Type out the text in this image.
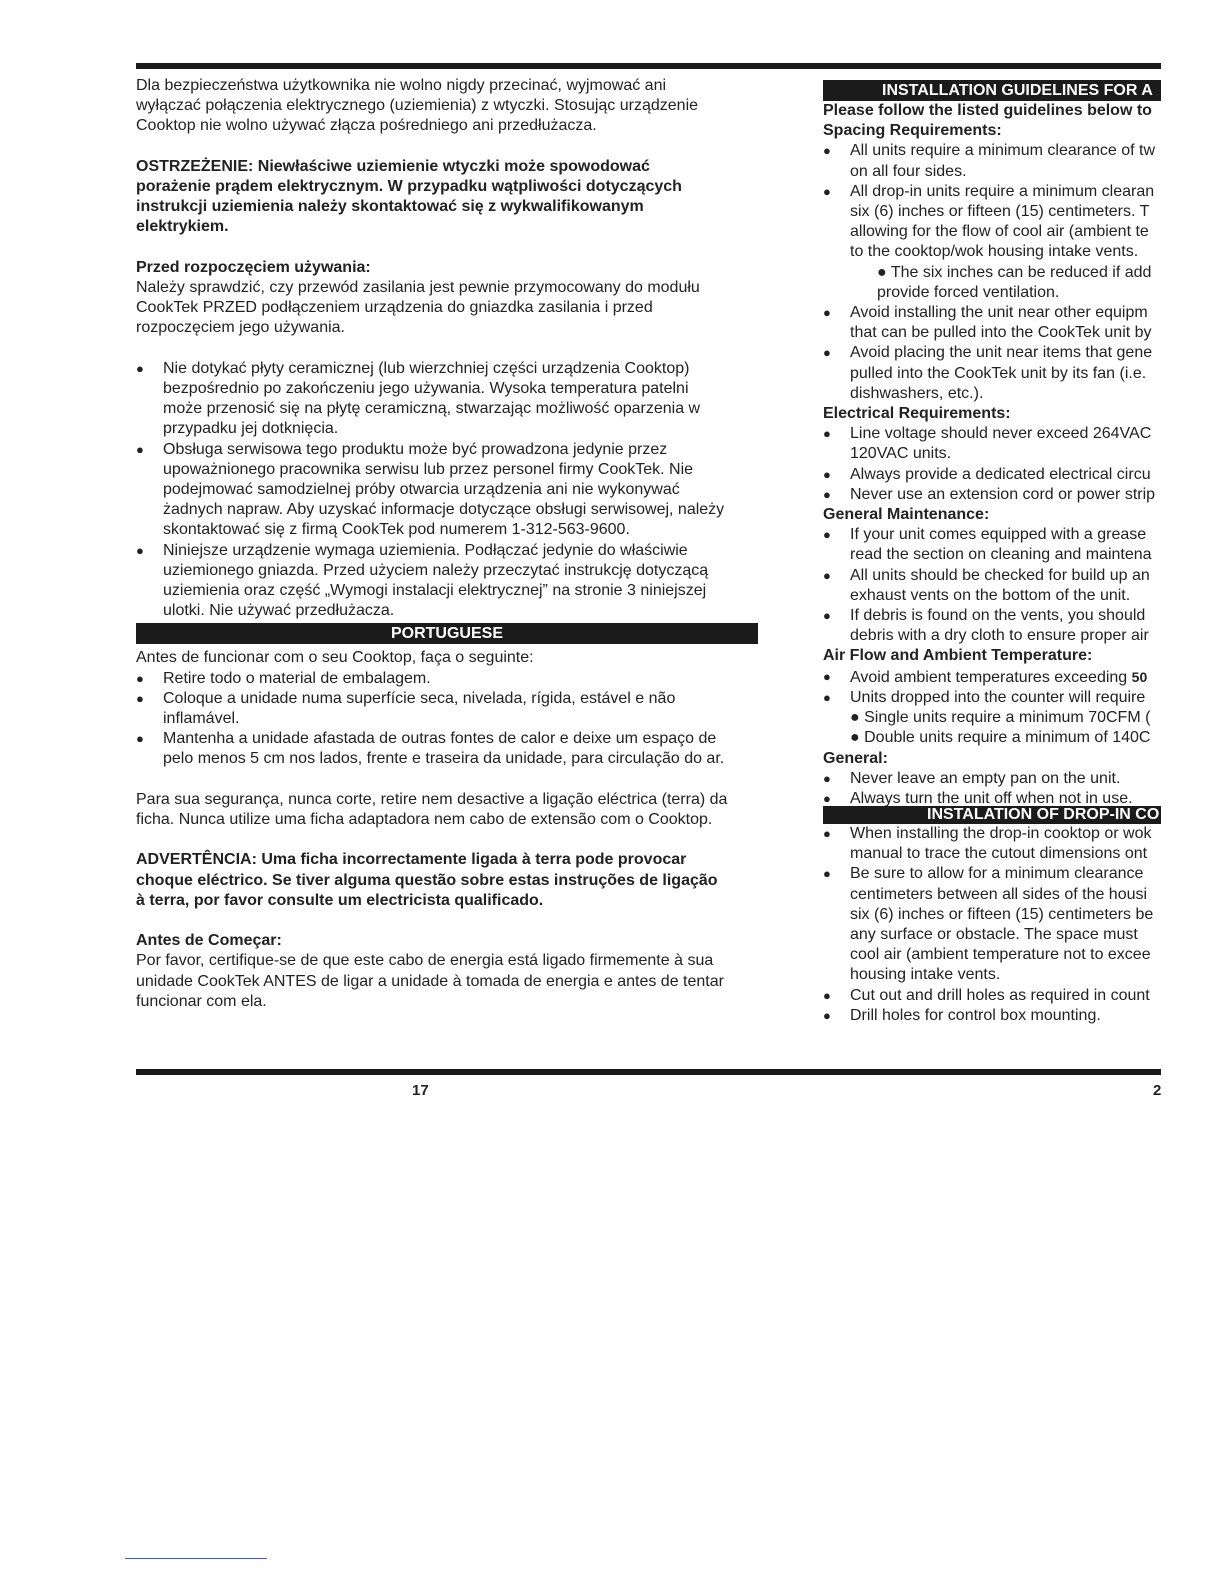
Dla bezpieczeństwa użytkownika nie wolno nigdy przecinać, wyjmować ani
wyłączać połączenia elektrycznego (uziemienia) z wtyczki. Stosując urządzenie
Cooktop nie wolno używać złącza pośredniego ani przedłużacza.

OSTRZEŻENIE: Niewłaściwe uziemienie wtyczki może spowodować
porażenie prądem elektrycznym. W przypadku wątpliwości dotyczących
instrukcji uziemienia należy skontaktować się z wykwalifikowanym
elektrykiem.

Przed rozpoczęciem używania:

Należy sprawdzić, czy przewód zasilania jest pewnie przymocowany do modułu
CookTek PRZED podłączeniem urządzenia do gniazdka zasilania i przed
rozpoczęciem jego używania.

● Nie dotykać płyty ceramicznej (lub wierzchniej części urządzenia Cooktop)
bezpośrednio po zakończeniu jego używania. Wysoka temperatura patelni
może przenosić się na płytę ceramiczną, stwarzając możliwość oparzenia w
przypadku jej dotknięcia.
● Obsługa serwisowa tego produktu może być prowadzona jedynie przez
upoważnionego pracownika serwisu lub przez personel firmy CookTek. Nie
podejmować samodzielnej próby otwarcia urządzenia ani nie wykonywać
żadnych napraw. Aby uzyskać informacje dotyczące obsługi serwisowej, należy
skontaktować się z firmą CookTek pod numerem 1-312-563-9600.
● Niniejsze urządzenie wymaga uziemienia. Podłączać jedynie do właściwie
uziemionego gniazda. Przed użyciem należy przeczytać instrukcję dotyczącą
uziemienia oraz część „Wymogi instalacji elektrycznej” na stronie 3 niniejszej
ulotki. Nie używać przedłużacza.
PORTUGUESE

Antes de funcionar com o seu Cooktop, faça o seguinte:

● Retire todo o material de embalagem.
● Coloque a unidade numa superfície seca, nivelada, rígida, estável e não
inflamável.
● Mantenha a unidade afastada de outras fontes de calor e deixe um espaço de
pelo menos 5 cm nos lados, frente e traseira da unidade, para circulação do ar.

Para sua segurança, nunca corte, retire nem desactive a ligação eléctrica (terra) da
ficha. Nunca utilize uma ficha adaptadora nem cabo de extensão com o Cooktop.

ADVERTÊNCIA: Uma ficha incorrectamente ligada à terra pode provocar
choque eléctrico. Se tiver alguma questão sobre estas instruções de ligação
à terra, por favor consulte um electricista qualificado.

Antes de Começar:

Por favor, certifique-se de que este cabo de energia está ligado firmemente à sua
unidade CookTek ANTES de ligar a unidade à tomada de energia e antes de tentar
funcionar com ela.

INSTALLATION GUIDELINES FOR A

Please follow the listed guidelines below to

Spacing Requirements:

● All units require a minimum clearance of tw
on all four sides.
● All drop-in units require a minimum clearan
six (6) inches or fifteen (15) centimeters. T
allowing for the flow of cool air (ambient te
to the cooktop/wok housing intake vents.

● The six inches can be reduced if add
provide forced ventilation.

● Avoid installing the unit near other equipm
that can be pulled into the CookTek unit by
● Avoid placing the unit near items that gene
pulled into the CookTek unit by its fan (i.e.
dishwashers, etc.).

Electrical Requirements:

● Line voltage should never exceed 264VAC
120VAC units.
● Always provide a dedicated electrical circu
● Never use an extension cord or power strip

General Maintenance:

● If your unit comes equipped with a grease
read the section on cleaning and maintena
● All units should be checked for build up an
exhaust vents on the bottom of the unit.
● If debris is found on the vents, you should
debris with a dry cloth to ensure proper air

Air Flow and Ambient Temperature:

● Avoid ambient temperatures exceeding 50
● Units dropped into the counter will require

● Single units require a minimum 70CFM (
● Double units require a minimum of 140C

General:

● Never leave an empty pan on the unit.
● Always turn the unit off when not in use.
INSTALATION OF DROP-IN CO
● When installing the drop-in cooktop or wok
manual to trace the cutout dimensions ont
● Be sure to allow for a minimum clearance
centimeters between all sides of the housi
six (6) inches or fifteen (15) centimeters be
any surface or obstacle. The space must
cool air (ambient temperature not to excee
housing intake vents.
● Cut out and drill holes as required in count
● Drill holes for control box mounting.
17	2
